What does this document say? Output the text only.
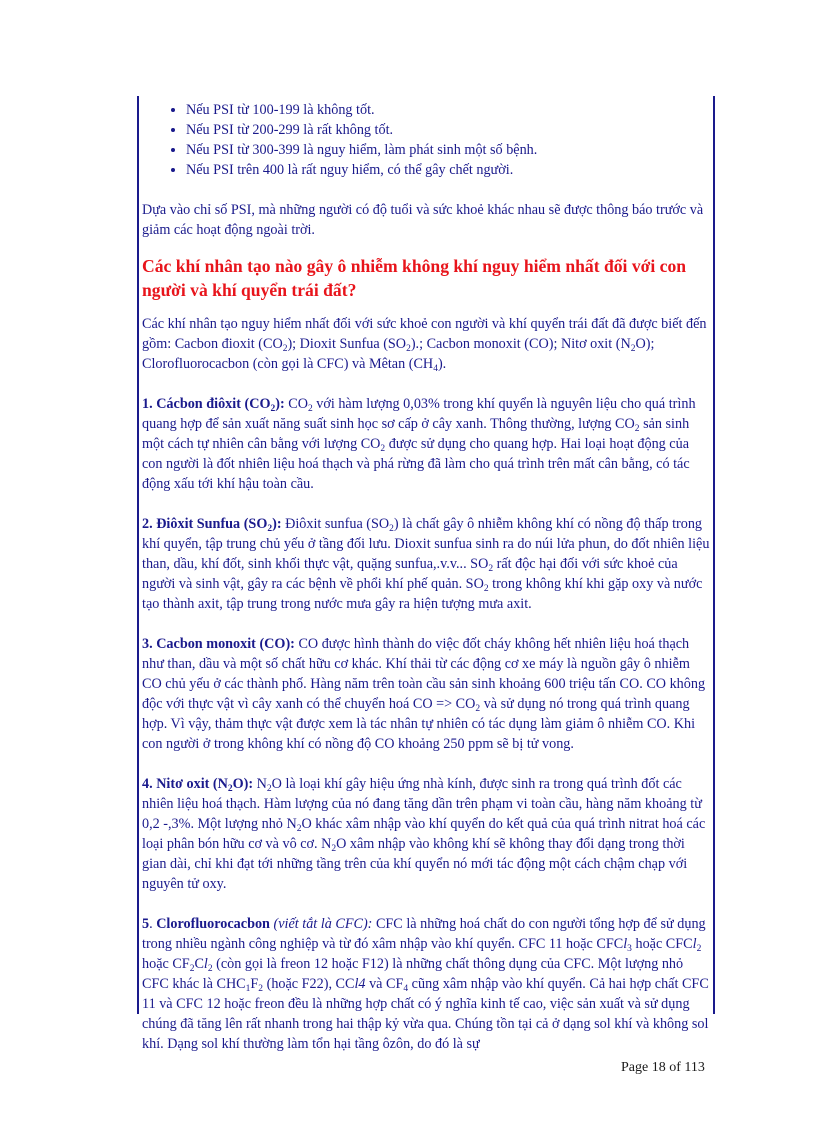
• Nếu PSI từ 100-199 là không tốt.
• Nếu PSI từ 200-299 là rất không tốt.
• Nếu PSI từ 300-399 là nguy hiểm, làm phát sinh một số bệnh.
• Nếu PSI trên 400 là rất nguy hiểm, có thể gây chết người.

Dựa vào chỉ số PSI, mà những người có độ tuổi và sức khoẻ khác nhau sẽ được thông báo trước và giảm các hoạt động ngoài trời.

Các khí nhân tạo nào gây ô nhiễm không khí nguy hiểm nhất đối với con người và khí quyển trái đất?

Các khí nhân tạo nguy hiểm nhất đối với sức khoẻ con người và khí quyển trái đất đã được biết đến gồm: Cacbon đioxit $(CO_2)$; Dioxit Sunfua $(SO_2)$.; Cacbon monoxit (CO); Nitơ oxit $(N_2O)$; Clorofluorocacbon (còn gọi là CFC) và Mêtan $(CH_4)$.

1. Cácbon điôxit $(CO_2)$: $CO_2$ với hàm lượng 0,03% trong khí quyển là nguyên liệu cho quá trình quang hợp để sản xuất năng suất sinh học sơ cấp ở cây xanh. Thông thường, lượng $CO_2$ sản sinh một cách tự nhiên cân bằng với lượng $CO_2$ được sử dụng cho quang hợp. Hai loại hoạt động của con người là đốt nhiên liệu hoá thạch và phá rừng đã làm cho quá trình trên mất cân bằng, có tác động xấu tới khí hậu toàn cầu.

2. Điôxit Sunfua $(SO_2)$: Điôxit sunfua $(SO_2)$ là chất gây ô nhiễm không khí có nồng độ thấp trong khí quyển, tập trung chủ yếu ở tầng đối lưu. Dioxit sunfua sinh ra do núi lửa phun, do đốt nhiên liệu than, dầu, khí đốt, sinh khối thực vật, quặng sunfua,.v.v... $SO_2$ rất độc hại đối với sức khoẻ của người và sinh vật, gây ra các bệnh về phổi khí phế quản. $SO_2$ trong không khí khi gặp oxy và nước tạo thành axit, tập trung trong nước mưa gây ra hiện tượng mưa axit.

3. Cacbon monoxit (CO): CO được hình thành do việc đốt cháy không hết nhiên liệu hoá thạch như than, dầu và một số chất hữu cơ khác. Khí thải từ các động cơ xe máy là nguồn gây ô nhiễm CO chủ yếu ở các thành phố. Hàng năm trên toàn cầu sản sinh khoảng 600 triệu tấn CO. CO không độc với thực vật vì cây xanh có thể chuyển hoá CO => $CO_2$ và sử dụng nó trong quá trình quang hợp. Vì vậy, thảm thực vật được xem là tác nhân tự nhiên có tác dụng làm giảm ô nhiễm CO. Khi con người ở trong không khí có nồng độ CO khoảng 250 ppm sẽ bị tử vong.

4. Nitơ oxit $(N_2O)$: $N_2O$ là loại khí gây hiệu ứng nhà kính, được sinh ra trong quá trình đốt các nhiên liệu hoá thạch. Hàm lượng của nó đang tăng dần trên phạm vi toàn cầu, hàng năm khoảng từ 0,2 -,3%. Một lượng nhỏ $N_2O$ khác xâm nhập vào khí quyển do kết quả của quá trình nitrat hoá các loại phân bón hữu cơ và vô cơ. $N_2O$ xâm nhập vào không khí sẽ không thay đổi dạng trong thời gian dài, chỉ khi đạt tới những tầng trên của khí quyển nó mới tác động một cách chậm chạp với nguyên tử oxy.

5. Clorofluorocacbon (viết tắt là CFC): CFC là những hoá chất do con người tổng hợp để sử dụng trong nhiều ngành công nghiệp và từ đó xâm nhập vào khí quyển. CFC 11 hoặc CFCl$_3$ hoặc CFCl$_2$ hoặc $CF_2Cl_2$ (còn gọi là freon 12 hoặc F12) là những chất thông dụng của CFC. Một lượng nhỏ CFC khác là $CHC_1F_2$ (hoặc F22), CCl4 và $CF_4$ cũng xâm nhập vào khí quyển. Cả hai hợp chất CFC 11 và CFC 12 hoặc freon đều là những hợp chất có ý nghĩa kinh tế cao, việc sản xuất và sử dụng chúng đã tăng lên rất nhanh trong hai thập kỷ vừa qua. Chúng tồn tại cả ở dạng sol khí và không sol khí. Dạng sol khí thường làm tổn hại tầng ôzôn, do đó là sự

Page 18 of 113
